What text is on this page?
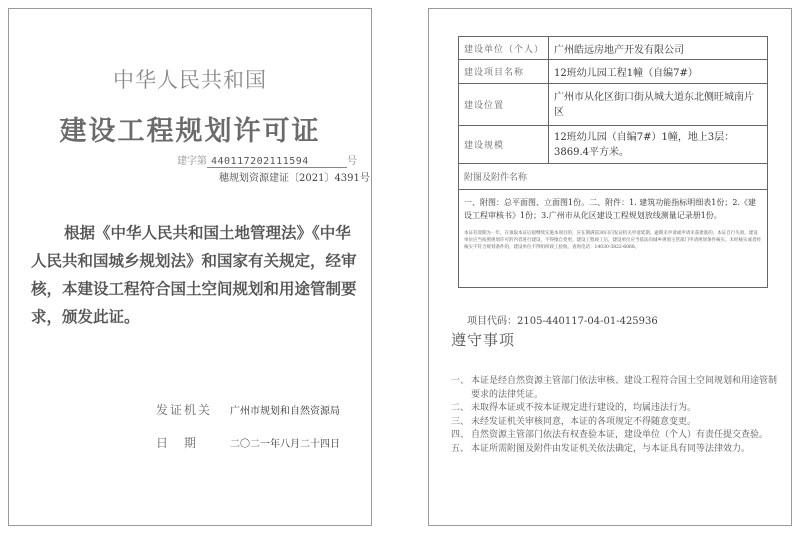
中华人民共和国
建设工程规划许可证
建字第 440117202111594	号
穗规划资源建证〔2021〕4391号
根据《中华人民共和国土地管理法》《中华人民共和国城乡规划法》和国家有关规定，经审核，本建设工程符合国土空间规划和用途管制要求，颁发此证。
发证机关 广州市规划和自然资源局
日　期	二〇二一年八月二十四日
建设单位（个人）	广州皓远房地产开发有限公司
建设项目名称	12班幼儿园工程1幢（自编7#）
建设位置	广州市从化区街口街从城大道东北侧旺城南片区
建设规模	12班幼儿园（自编7#）1幢，地上3层：3869.4平方米。
附图及附件名称	

一、附图：总平面图、立面图1份。二、附件：1. 建筑功能指标明细表1份；2.《建设工程审核书》1份；3.广州市从化区建设工程规划放线测量记录册1份。
本证有效期为一年，在领取本证后拟继续实施本项目的，应在期满前30日向发证机关申请延期。逾期未申请或申请未获批准的，本证自行失效。建设单位应当按照规划许可的内容进行建设，不得擅自变更。建设工程竣工后，建设单位应当依法向城乡规划主管部门申请规划条件核实。未经核实或者经核实不符合规划条件的，建设单位不得组织竣工验收。查询电话：14030-3822-6068。	
项目代码：2105-440117-04-01-425936
遵守事项
一、 本证是经自然资源主管部门依法审核、建设工程符合国土空间规划和用途管制要求的法律凭证。
二、 未取得本证或不按本证规定进行建设的，均属违法行为。
三、 未经发证机关审核同意，本证的各项规定不得随意变更。
四、 自然资源主管部门依法有权查验本证，建设单位（个人）有责任提交查验。
五、 本证所需附图及附件由发证机关依法确定，与本证具有同等法律效力。
